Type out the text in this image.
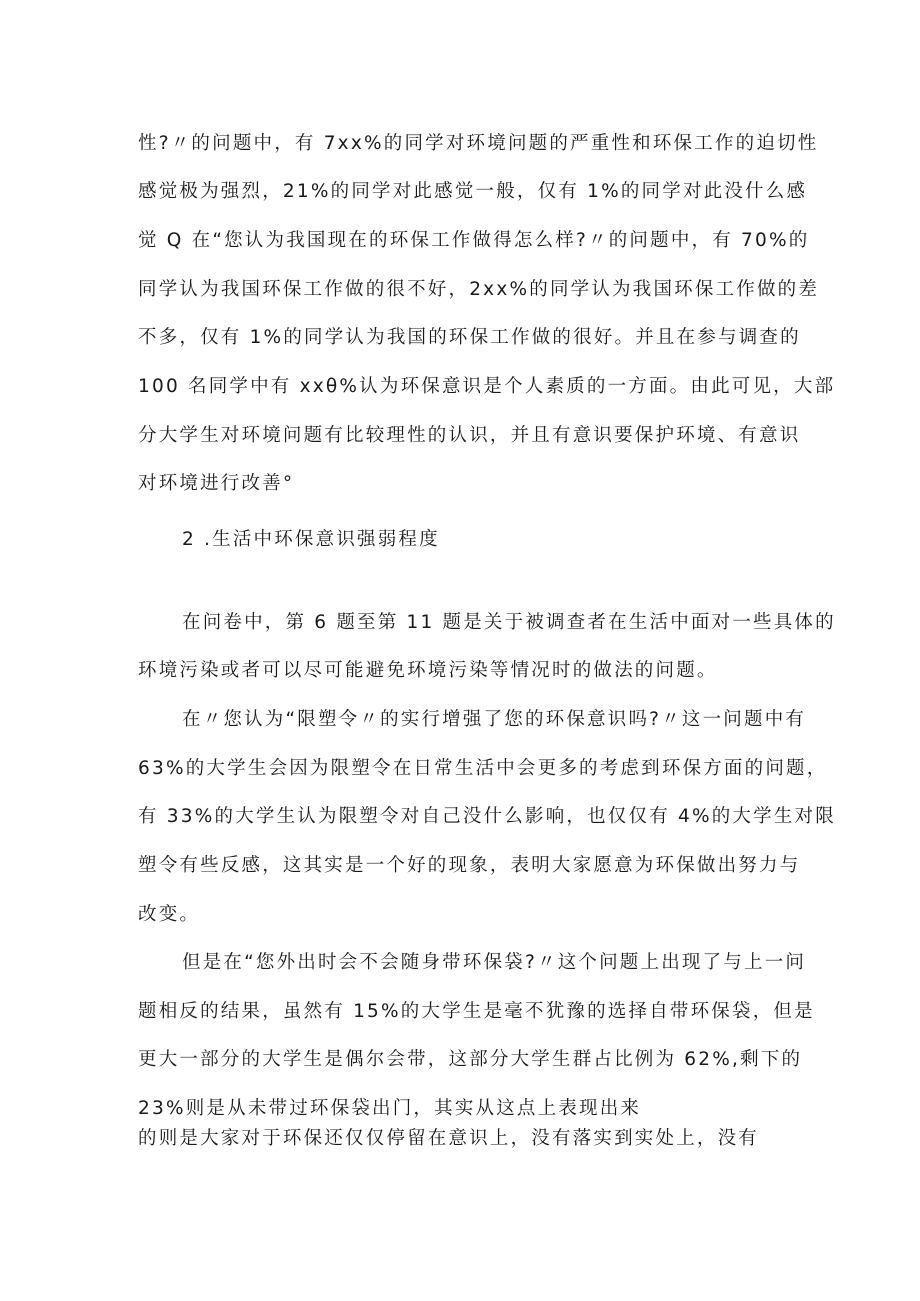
性?〃的问题中，有 7xx%的同学对环境问题的严重性和环保工作的迫切性
感觉极为强烈，21%的同学对此感觉一般，仅有 1%的同学对此没什么感
觉 Q 在“您认为我国现在的环保工作做得怎么样?〃的问题中，有 70%的
同学认为我国环保工作做的很不好，2xx%的同学认为我国环保工作做的差
不多，仅有 1%的同学认为我国的环保工作做的很好。并且在参与调查的
100 名同学中有 xxθ%认为环保意识是个人素质的一方面。由此可见，大部
分大学生对环境问题有比较理性的认识，并且有意识要保护环境、有意识
对环境进行改善°
2 .生活中环保意识强弱程度
在问卷中，第 6 题至第 11 题是关于被调查者在生活中面对一些具体的
环境污染或者可以尽可能避免环境污染等情况时的做法的问题。
在〃您认为“限塑令〃的实行增强了您的环保意识吗?〃这一问题中有
63%的大学生会因为限塑令在日常生活中会更多的考虑到环保方面的问题，
有 33%的大学生认为限塑令对自己没什么影响，也仅仅有 4%的大学生对限
塑令有些反感，这其实是一个好的现象，表明大家愿意为环保做出努力与
改变。
但是在“您外出时会不会随身带环保袋?〃这个问题上出现了与上一问
题相反的结果，虽然有 15%的大学生是毫不犹豫的选择自带环保袋，但是
更大一部分的大学生是偶尔会带，这部分大学生群占比例为 62%,剩下的
23%则是从未带过环保袋出门，其实从这点上表现出来
的则是大家对于环保还仅仅停留在意识上，没有落实到实处上，没有
